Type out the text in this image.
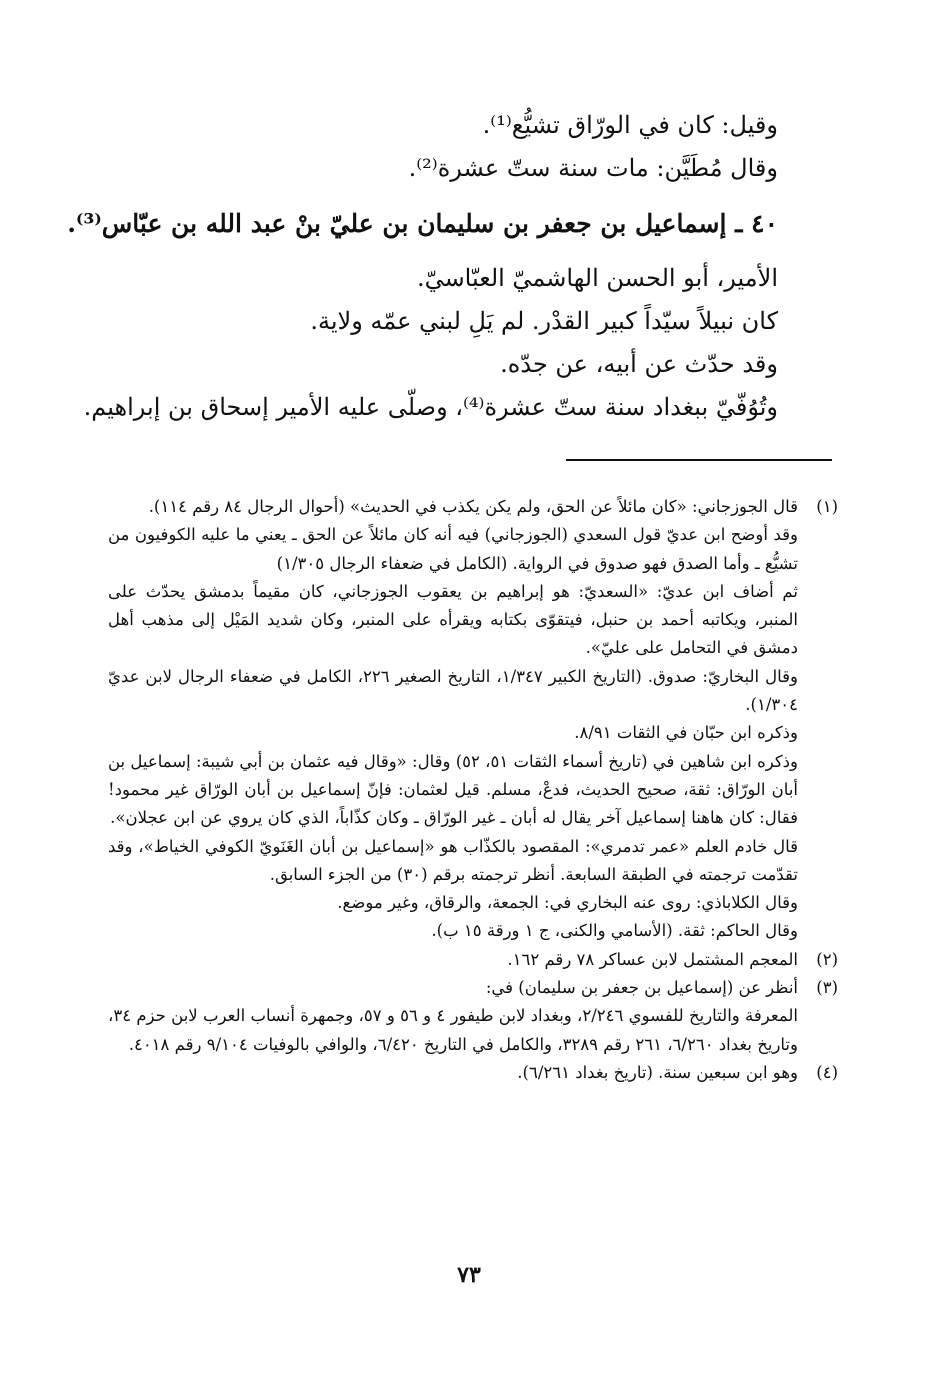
وقيل: كان في الورّاق تشيُّع⁽¹⁾.

وقال مُطَيَّن: مات سنة ستّ عشرة⁽²⁾.

٤٠ ـ إسماعيل بن جعفر بن سليمان بن عليّ بنْ عبد الله بن عبّاس⁽³⁾.

الأمير، أبو الحسن الهاشميّ العبّاسيّ.

كان نبيلاً سيّداً كبير القدْر. لم يَلِ لبني عمّه ولاية.

وقد حدّث عن أبيه، عن جدّه.

وتُوُفّيّ ببغداد سنة ستّ عشرة⁽⁴⁾، وصلّى عليه الأمير إسحاق بن إبراهيم.

(١)

قال الجوزجاني: «كان مائلاً عن الحق، ولم يكن يكذب في الحديث» (أحوال الرجال ٨٤ رقم ١١٤).

وقد أوضح ابن عديّ قول السعدي (الجوزجاني) فيه أنه كان مائلاً عن الحق ـ يعني ما عليه الكوفيون من تشيُّع ـ وأما الصدق فهو صدوق في الرواية. (الكامل في ضعفاء الرجال ١/٣٠٥)

ثم أضاف ابن عديّ: «السعديّ: هو إبراهيم بن يعقوب الجوزجاني، كان مقيماً بدمشق يحدّث على المنبر، ويكاتبه أحمد بن حنبل، فيتقوّى بكتابه ويقرأه على المنبر، وكان شديد المَيْل إلى مذهب أهل دمشق في التحامل على عليّ».

وقال البخاريّ: صدوق. (التاريخ الكبير ١/٣٤٧، التاريخ الصغير ٢٢٦، الكامل في ضعفاء الرجال لابن عديّ ١/٣٠٤).

وذكره ابن حبّان في الثقات ٨/٩١.

وذكره ابن شاهين في (تاريخ أسماء الثقات ٥١، ٥٢) وقال: «وقال فيه عثمان بن أبي شيبة: إسماعيل بن أبان الورّاق: ثقة، صحيح الحديث، فدعْ، مسلم. قيل لعثمان: فإنّ إسماعيل بن أبان الورّاق غير محمود! فقال: كان هاهنا إسماعيل آخر يقال له أبان ـ غير الورّاق ـ وكان كذّاباً، الذي كان يروي عن ابن عجلان».

قال خادم العلم «عمر تدمري»: المقصود بالكذّاب هو «إسماعيل بن أبان الغَنَويّ الكوفي الخياط»، وقد تقدّمت ترجمته في الطبقة السابعة. أنظر ترجمته برقم (٣٠) من الجزء السابق.

وقال الكلاباذي: روى عنه البخاري في: الجمعة، والرقاق، وغير موضع.

وقال الحاكم: ثقة. (الأسامي والكنى، ج ١ ورقة ١٥ ب).

(٢)

المعجم المشتمل لابن عساكر ٧٨ رقم ١٦٢.

(٣)

أنظر عن (إسماعيل بن جعفر بن سليمان) في:

المعرفة والتاريخ للفسوي ٢/٢٤٦، وبغداد لابن طيفور ٤ و ٥٦ و ٥٧، وجمهرة أنساب العرب لابن حزم ٣٤، وتاريخ بغداد ٦/٢٦٠، ٢٦١ رقم ٣٢٨٩، والكامل في التاريخ ٦/٤٢٠، والوافي بالوفيات ٩/١٠٤ رقم ٤٠١٨.

(٤)

وهو ابن سبعين سنة. (تاريخ بغداد ٦/٢٦١).

٧٣
